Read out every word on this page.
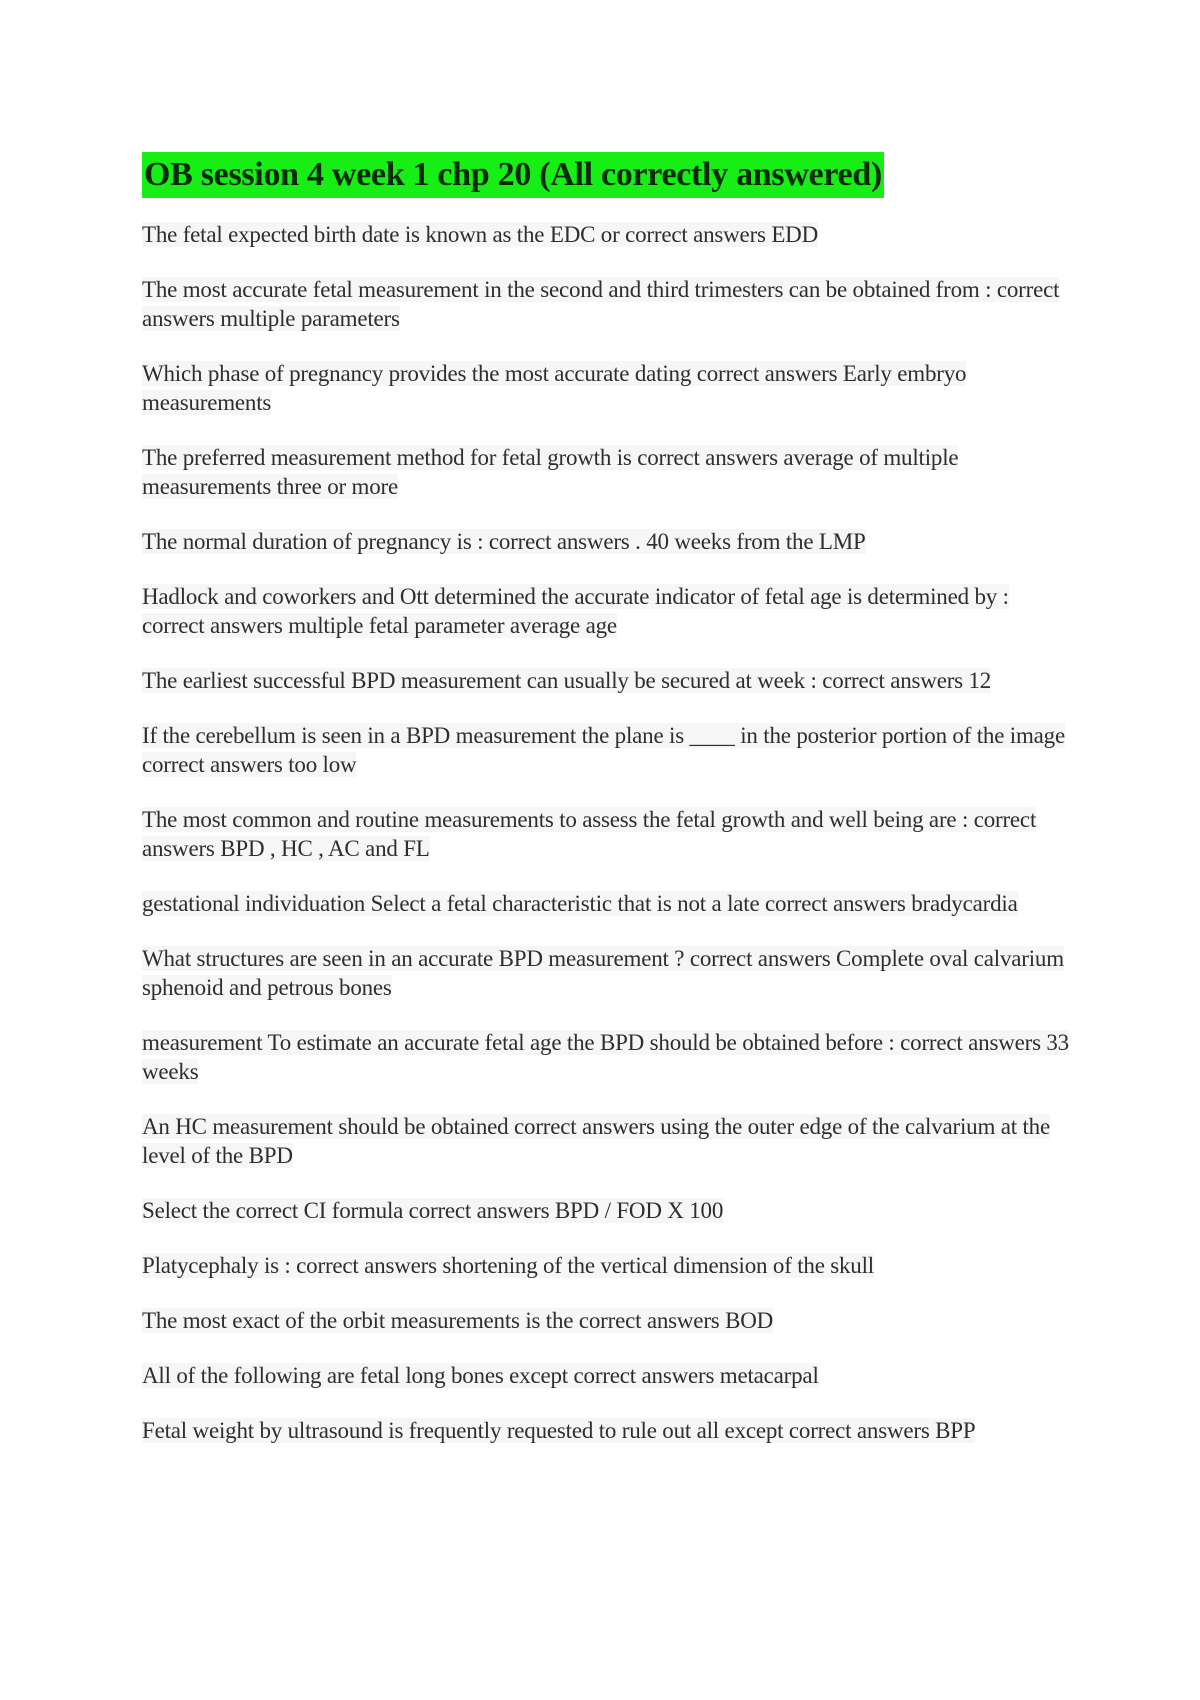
OB session 4 week 1 chp 20 (All correctly answered)
The fetal expected birth date is known as the EDC or correct answers EDD
The most accurate fetal measurement in the second and third trimesters can be obtained from : correct answers multiple parameters
Which phase of pregnancy provides the most accurate dating correct answers Early embryo measurements
The preferred measurement method for fetal growth is correct answers average of multiple measurements three or more
The normal duration of pregnancy is : correct answers . 40 weeks from the LMP
Hadlock and coworkers and Ott determined the accurate indicator of fetal age is determined by : correct answers multiple fetal parameter average age
The earliest successful BPD measurement can usually be secured at week : correct answers 12
If the cerebellum is seen in a BPD measurement the plane is ____ in the posterior portion of the image correct answers too low
The most common and routine measurements to assess the fetal growth and well being are : correct answers BPD , HC , AC and FL
gestational individuation Select a fetal characteristic that is not a late correct answers bradycardia
What structures are seen in an accurate BPD measurement ? correct answers Complete oval calvarium sphenoid and petrous bones
measurement To estimate an accurate fetal age the BPD should be obtained before : correct answers 33 weeks
An HC measurement should be obtained correct answers using the outer edge of the calvarium at the level of the BPD
Select the correct CI formula correct answers BPD / FOD X 100
Platycephaly is : correct answers shortening of the vertical dimension of the skull
The most exact of the orbit measurements is the correct answers BOD
All of the following are fetal long bones except correct answers metacarpal
Fetal weight by ultrasound is frequently requested to rule out all except correct answers BPP
